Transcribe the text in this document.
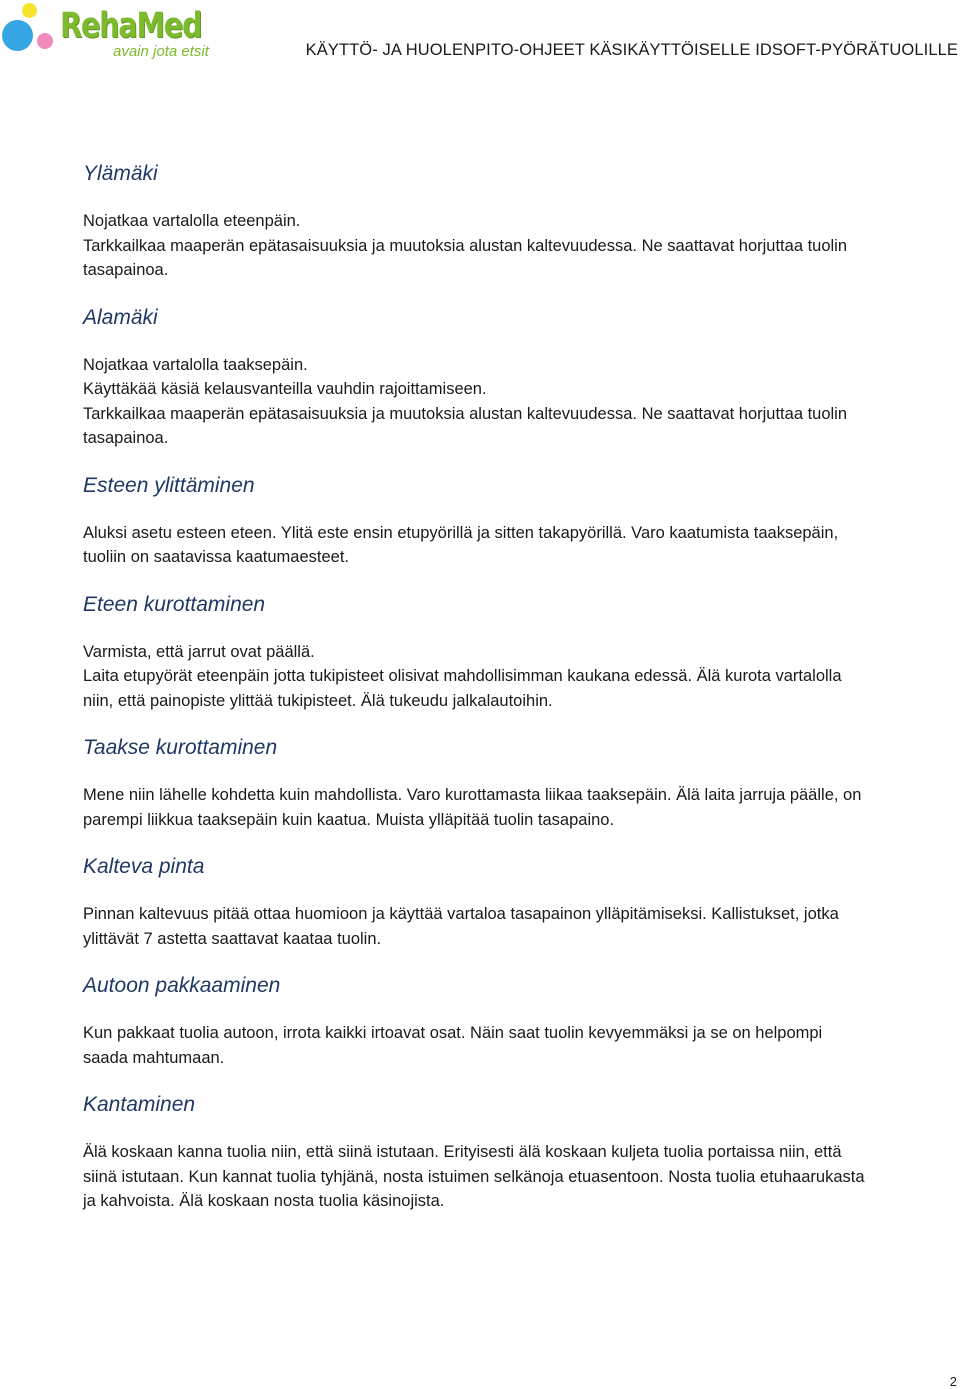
RehaMed
avain jota etsit	KÄYTTÖ- JA HUOLENPITO-OHJEET KÄSIKÄYTTÖISELLE IDSOFT-PYÖRÄTUOLILLE
Ylämäki

Nojatkaa vartalolla eteenpäin.

Tarkkailkaa maaperän epätasaisuuksia ja muutoksia alustan kaltevuudessa. Ne saattavat horjuttaa tuolin

tasapainoa.

Alamäki

Nojatkaa vartalolla taaksepäin.

Käyttäkää käsiä kelausvanteilla vauhdin rajoittamiseen.

Tarkkailkaa maaperän epätasaisuuksia ja muutoksia alustan kaltevuudessa. Ne saattavat horjuttaa tuolin

tasapainoa.

Esteen ylittäminen

Aluksi asetu esteen eteen. Ylitä este ensin etupyörillä ja sitten takapyörillä. Varo kaatumista taaksepäin,

tuoliin on saatavissa kaatumaesteet.

Eteen kurottaminen

Varmista, että jarrut ovat päällä.

Laita etupyörät eteenpäin jotta tukipisteet olisivat mahdollisimman kaukana edessä. Älä kurota vartalolla

niin, että painopiste ylittää tukipisteet. Älä tukeudu jalkalautoihin.

Taakse kurottaminen

Mene niin lähelle kohdetta kuin mahdollista. Varo kurottamasta liikaa taaksepäin. Älä laita jarruja päälle, on

parempi liikkua taaksepäin kuin kaatua. Muista ylläpitää tuolin tasapaino.

Kalteva pinta

Pinnan kaltevuus pitää ottaa huomioon ja käyttää vartaloa tasapainon ylläpitämiseksi. Kallistukset, jotka

ylittävät 7 astetta saattavat kaataa tuolin.

Autoon pakkaaminen

Kun pakkaat tuolia autoon, irrota kaikki irtoavat osat. Näin saat tuolin kevyemmäksi ja se on helpompi

saada mahtumaan.

Kantaminen

Älä koskaan kanna tuolia niin, että siinä istutaan. Erityisesti älä koskaan kuljeta tuolia portaissa niin, että

siinä istutaan. Kun kannat tuolia tyhjänä, nosta istuimen selkänoja etuasentoon. Nosta tuolia etuhaarukasta

ja kahvoista. Älä koskaan nosta tuolia käsinojista.

2
